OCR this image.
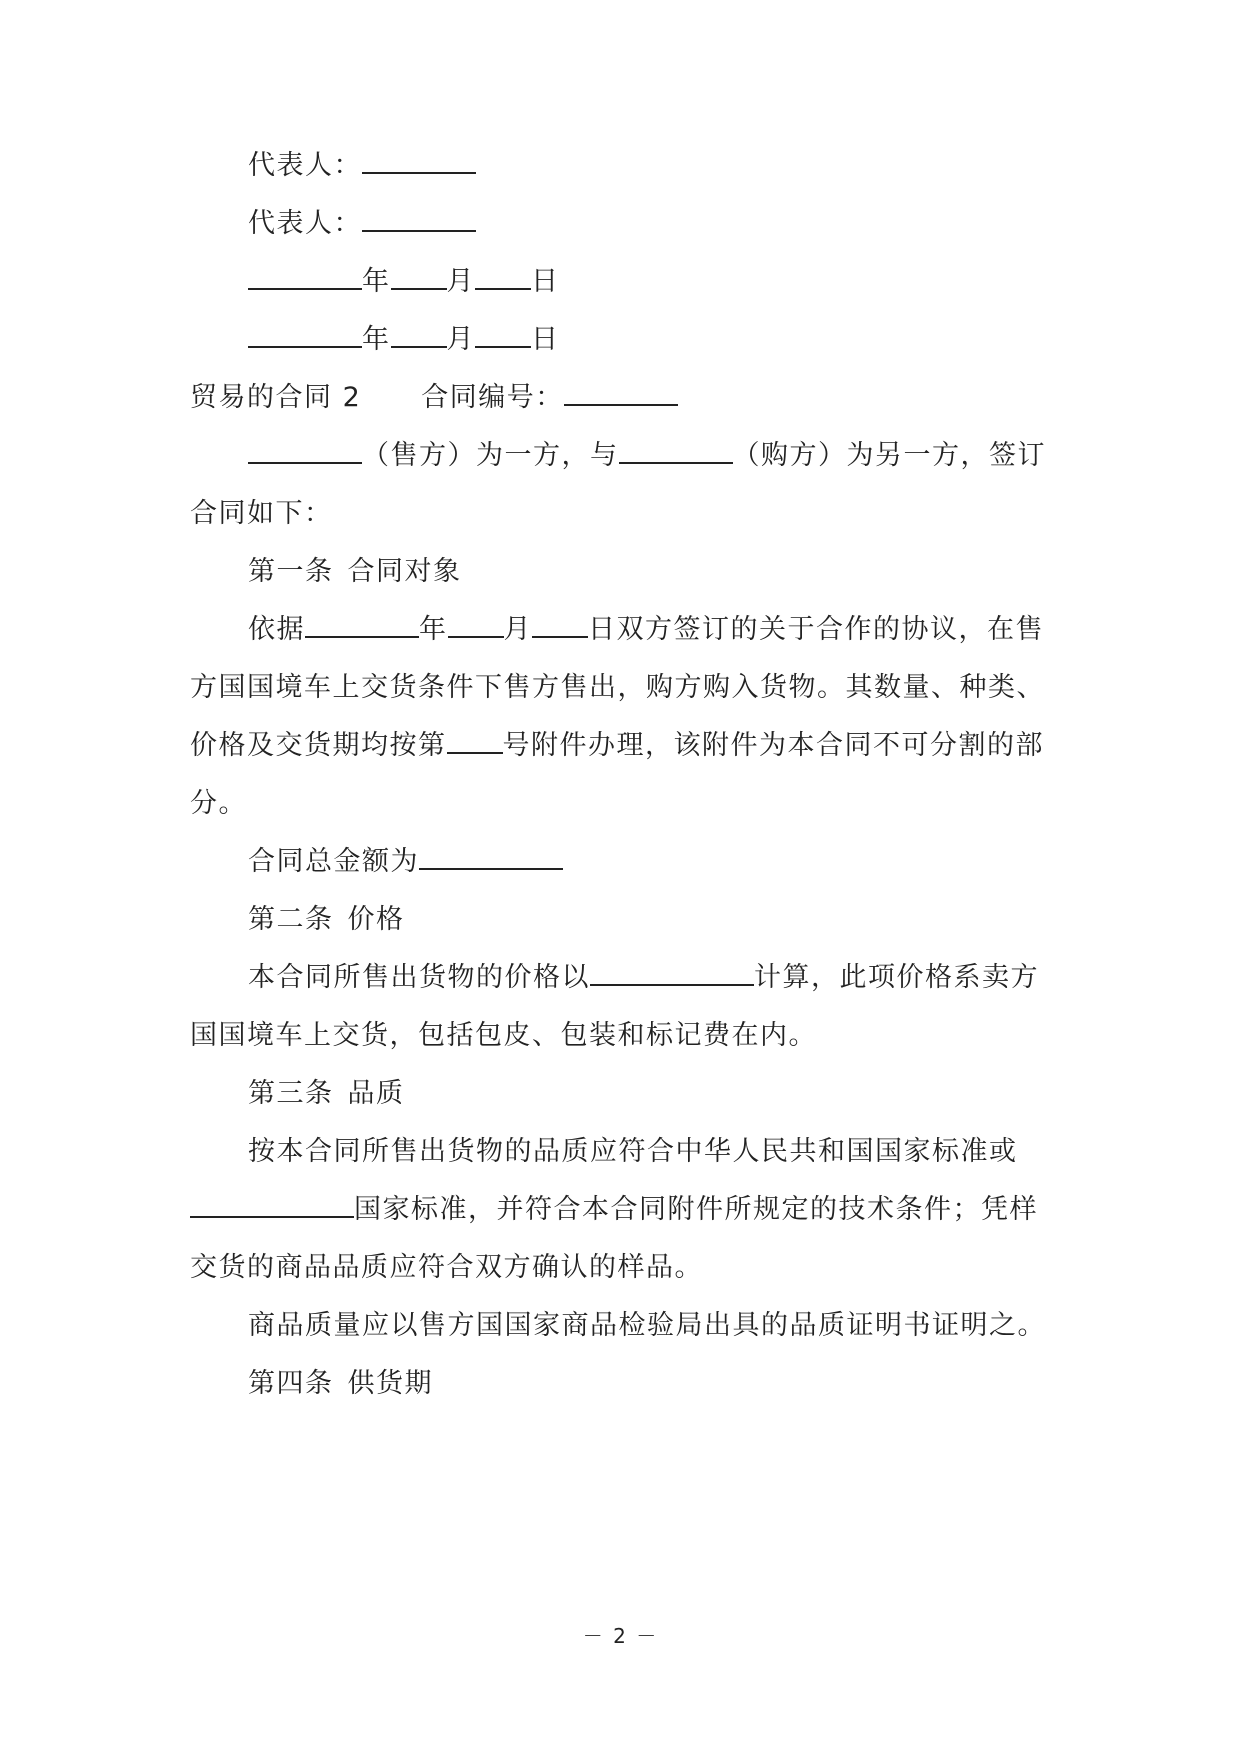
代表人：
代表人：
年 月 日
年 月 日
贸易的合同 2 合同编号：
（售方）为一方，与	（购方）为另一方，签订
合同如下：
第一条 合同对象
依据	年 月 日双方签订的关于合作的协议，在售
方国国境车上交货条件下售方售出，购方购入货物。其数量、种类、
价格及交货期均按第 号附件办理，该附件为本合同不可分割的部
分。
合同总金额为
第二条 价格
本合同所售出货物的价格以	计算，此项价格系卖方
国国境车上交货，包括包皮、包装和标记费在内。
第三条 品质
按本合同所售出货物的品质应符合中华人民共和国国家标准或
国家标准，并符合本合同附件所规定的技术条件；凭样
交货的商品品质应符合双方确认的样品。
商品质量应以售方国国家商品检验局出具的品质证明书证明之。
第四条 供货期
－ 2 －
